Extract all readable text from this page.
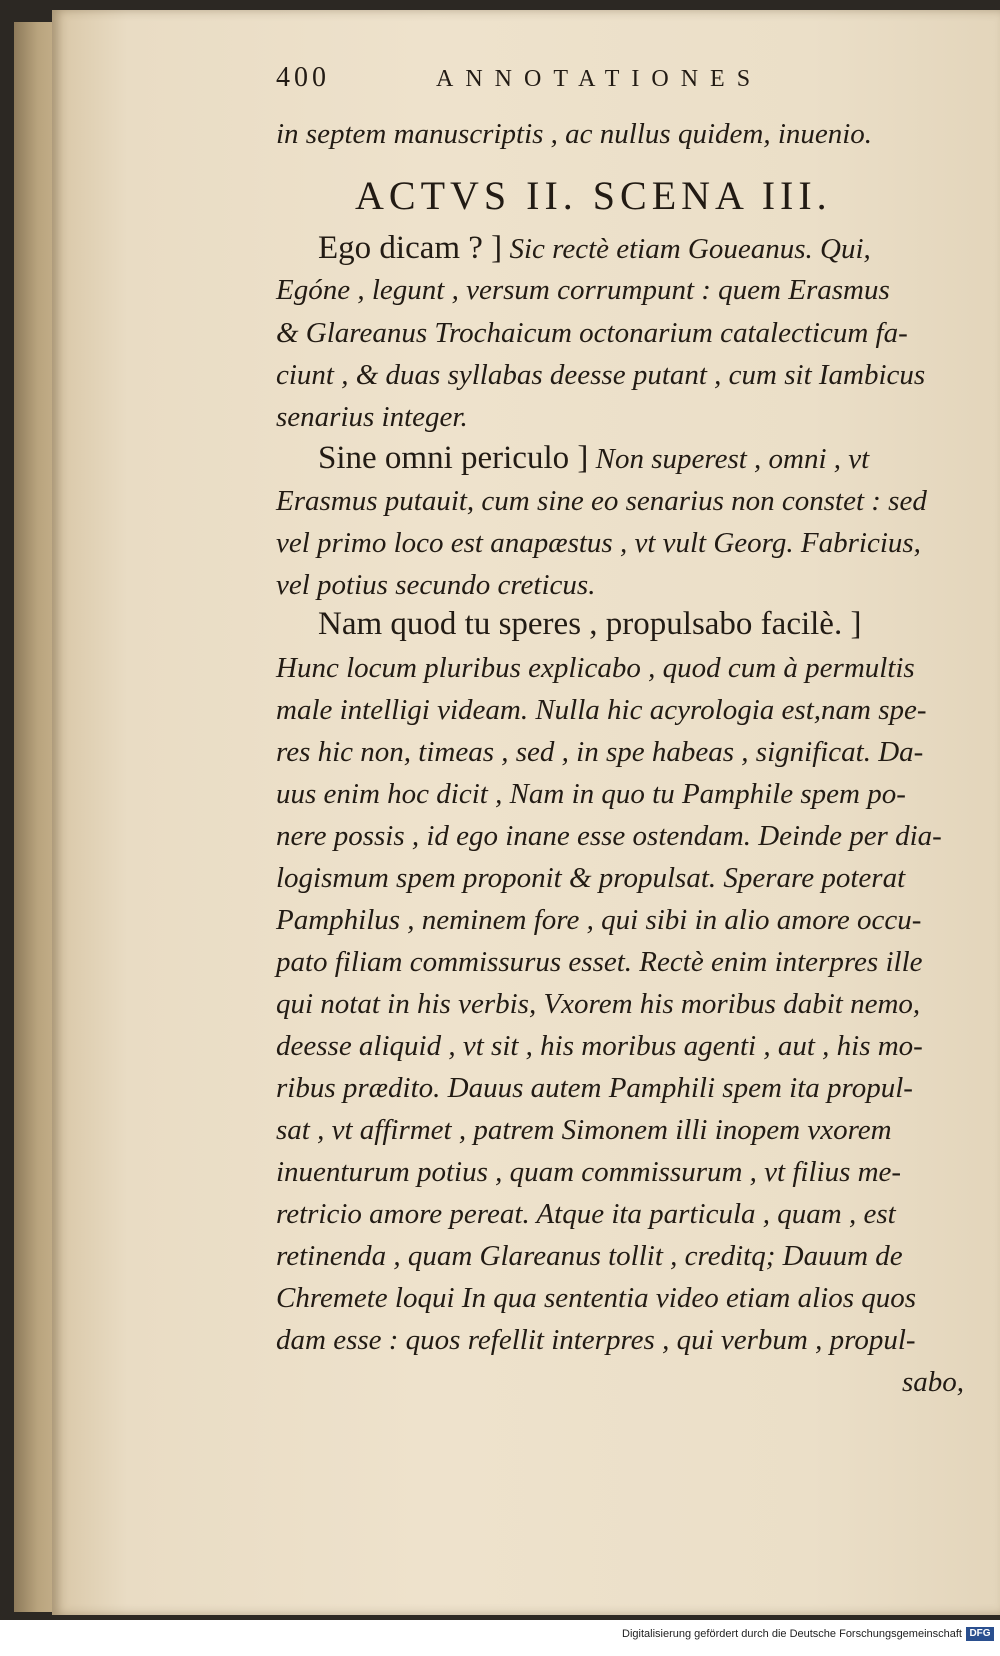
400	ANNOTATIONES
in septem manuscriptis , ac nullus quidem, inuenio.
ACTVS II. SCENA III.
Ego dicam ? ] Sic rectè etiam Goueanus. Qui,
Egóne , legunt , versum corrumpunt : quem Erasmus
& Glareanus Trochaicum octonarium catalecticum fa-
ciunt , & duas syllabas deesse putant , cum sit Iambicus
senarius integer.
Sine omni periculo ] Non superest , omni , vt
Erasmus putauit, cum sine eo senarius non constet : sed
vel primo loco est anapæstus , vt vult Georg. Fabricius,
vel potius secundo creticus.
Nam quod tu speres , propulsabo facilè. ]
Hunc locum pluribus explicabo , quod cum à permultis
male intelligi videam. Nulla hic acyrologia est,nam spe-
res hic non, timeas , sed , in spe habeas , significat. Da-
uus enim hoc dicit , Nam in quo tu Pamphile spem po-
nere possis , id ego inane esse ostendam. Deinde per dia-
logismum spem proponit & propulsat. Sperare poterat
Pamphilus , neminem fore , qui sibi in alio amore occu-
pato filiam commissurus esset. Rectè enim interpres ille
qui notat in his verbis, Vxorem his moribus dabit nemo,
deesse aliquid , vt sit , his moribus agenti , aut , his mo-
ribus prædito. Dauus autem Pamphili spem ita propul-
sat , vt affirmet , patrem Simonem illi inopem vxorem
inuenturum potius , quam commissurum , vt filius me-
retricio amore pereat. Atque ita particula , quam , est
retinenda , quam Glareanus tollit , creditq; Dauum de
Chremete loqui In qua sententia video etiam alios quos
dam esse : quos refellit interpres , qui verbum , propul-
sabo,
Digitalisierung gefördert durch die Deutsche Forschungsgemeinschaft DFG
